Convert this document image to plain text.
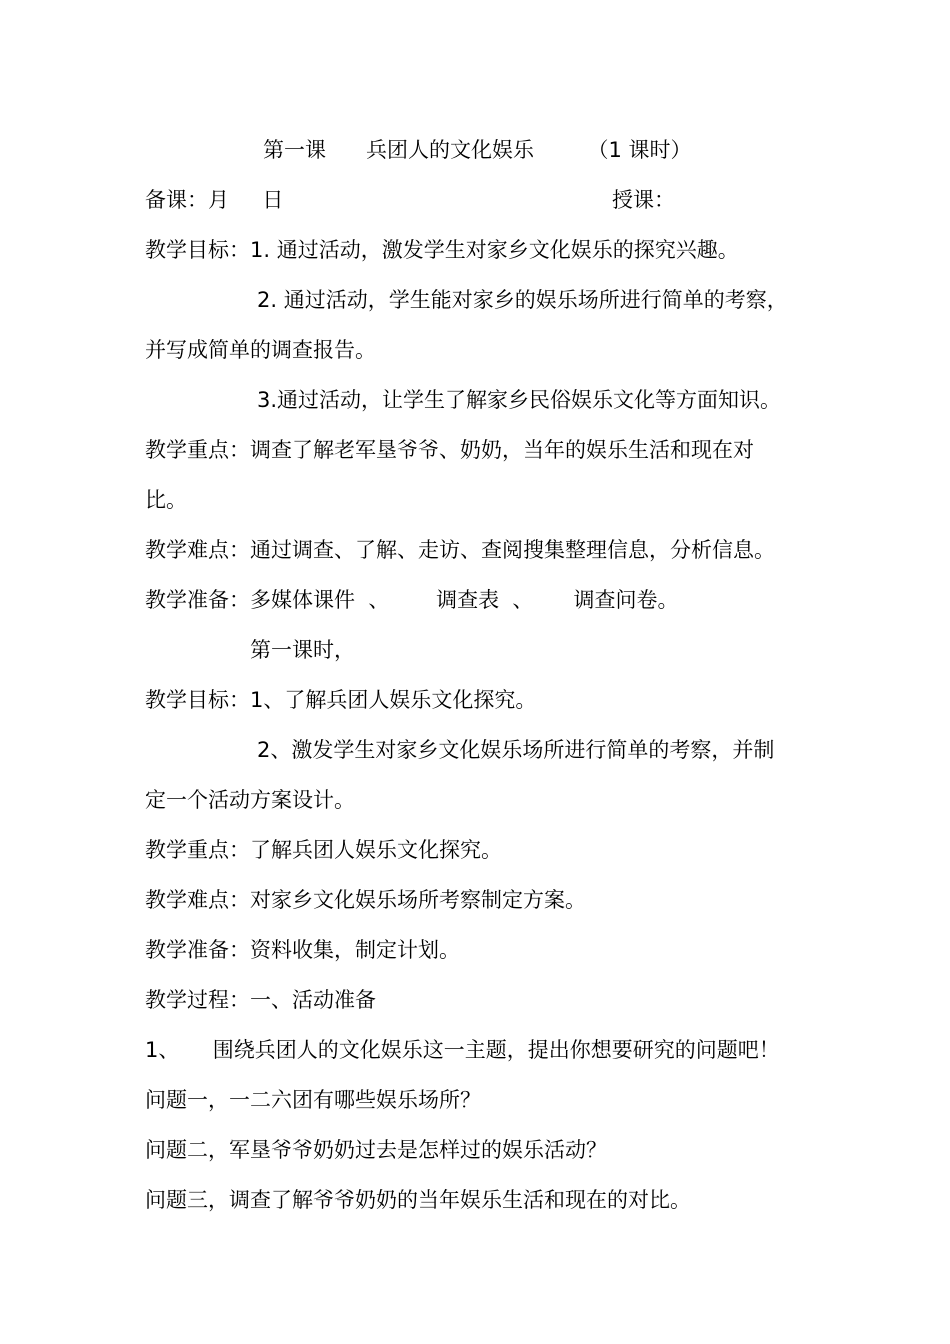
第一课      兵团人的文化娱乐        （1 课时）
备课：月     日	授课：
教学目标：1. 通过活动，激发学生对家乡文化娱乐的探究兴趣。
2. 通过活动，学生能对家乡的娱乐场所进行简单的考察，
并写成简单的调查报告。
3.通过活动，让学生了解家乡民俗娱乐文化等方面知识。
教学重点：调查了解老军垦爷爷、奶奶，当年的娱乐生活和现在对
比。
教学难点：通过调查、了解、走访、查阅搜集整理信息，分析信息。
教学准备：多媒体课件  、       调查表  、      调查问卷。
第一课时，
教学目标：1、了解兵团人娱乐文化探究。
2、激发学生对家乡文化娱乐场所进行简单的考察，并制
定一个活动方案设计。
教学重点：了解兵团人娱乐文化探究。
教学难点：对家乡文化娱乐场所考察制定方案。
教学准备：资料收集，制定计划。
教学过程：一、活动准备
1、     围绕兵团人的文化娱乐这一主题，提出你想要研究的问题吧！
问题一，一二六团有哪些娱乐场所？
问题二，军垦爷爷奶奶过去是怎样过的娱乐活动？
问题三，调查了解爷爷奶奶的当年娱乐生活和现在的对比。
